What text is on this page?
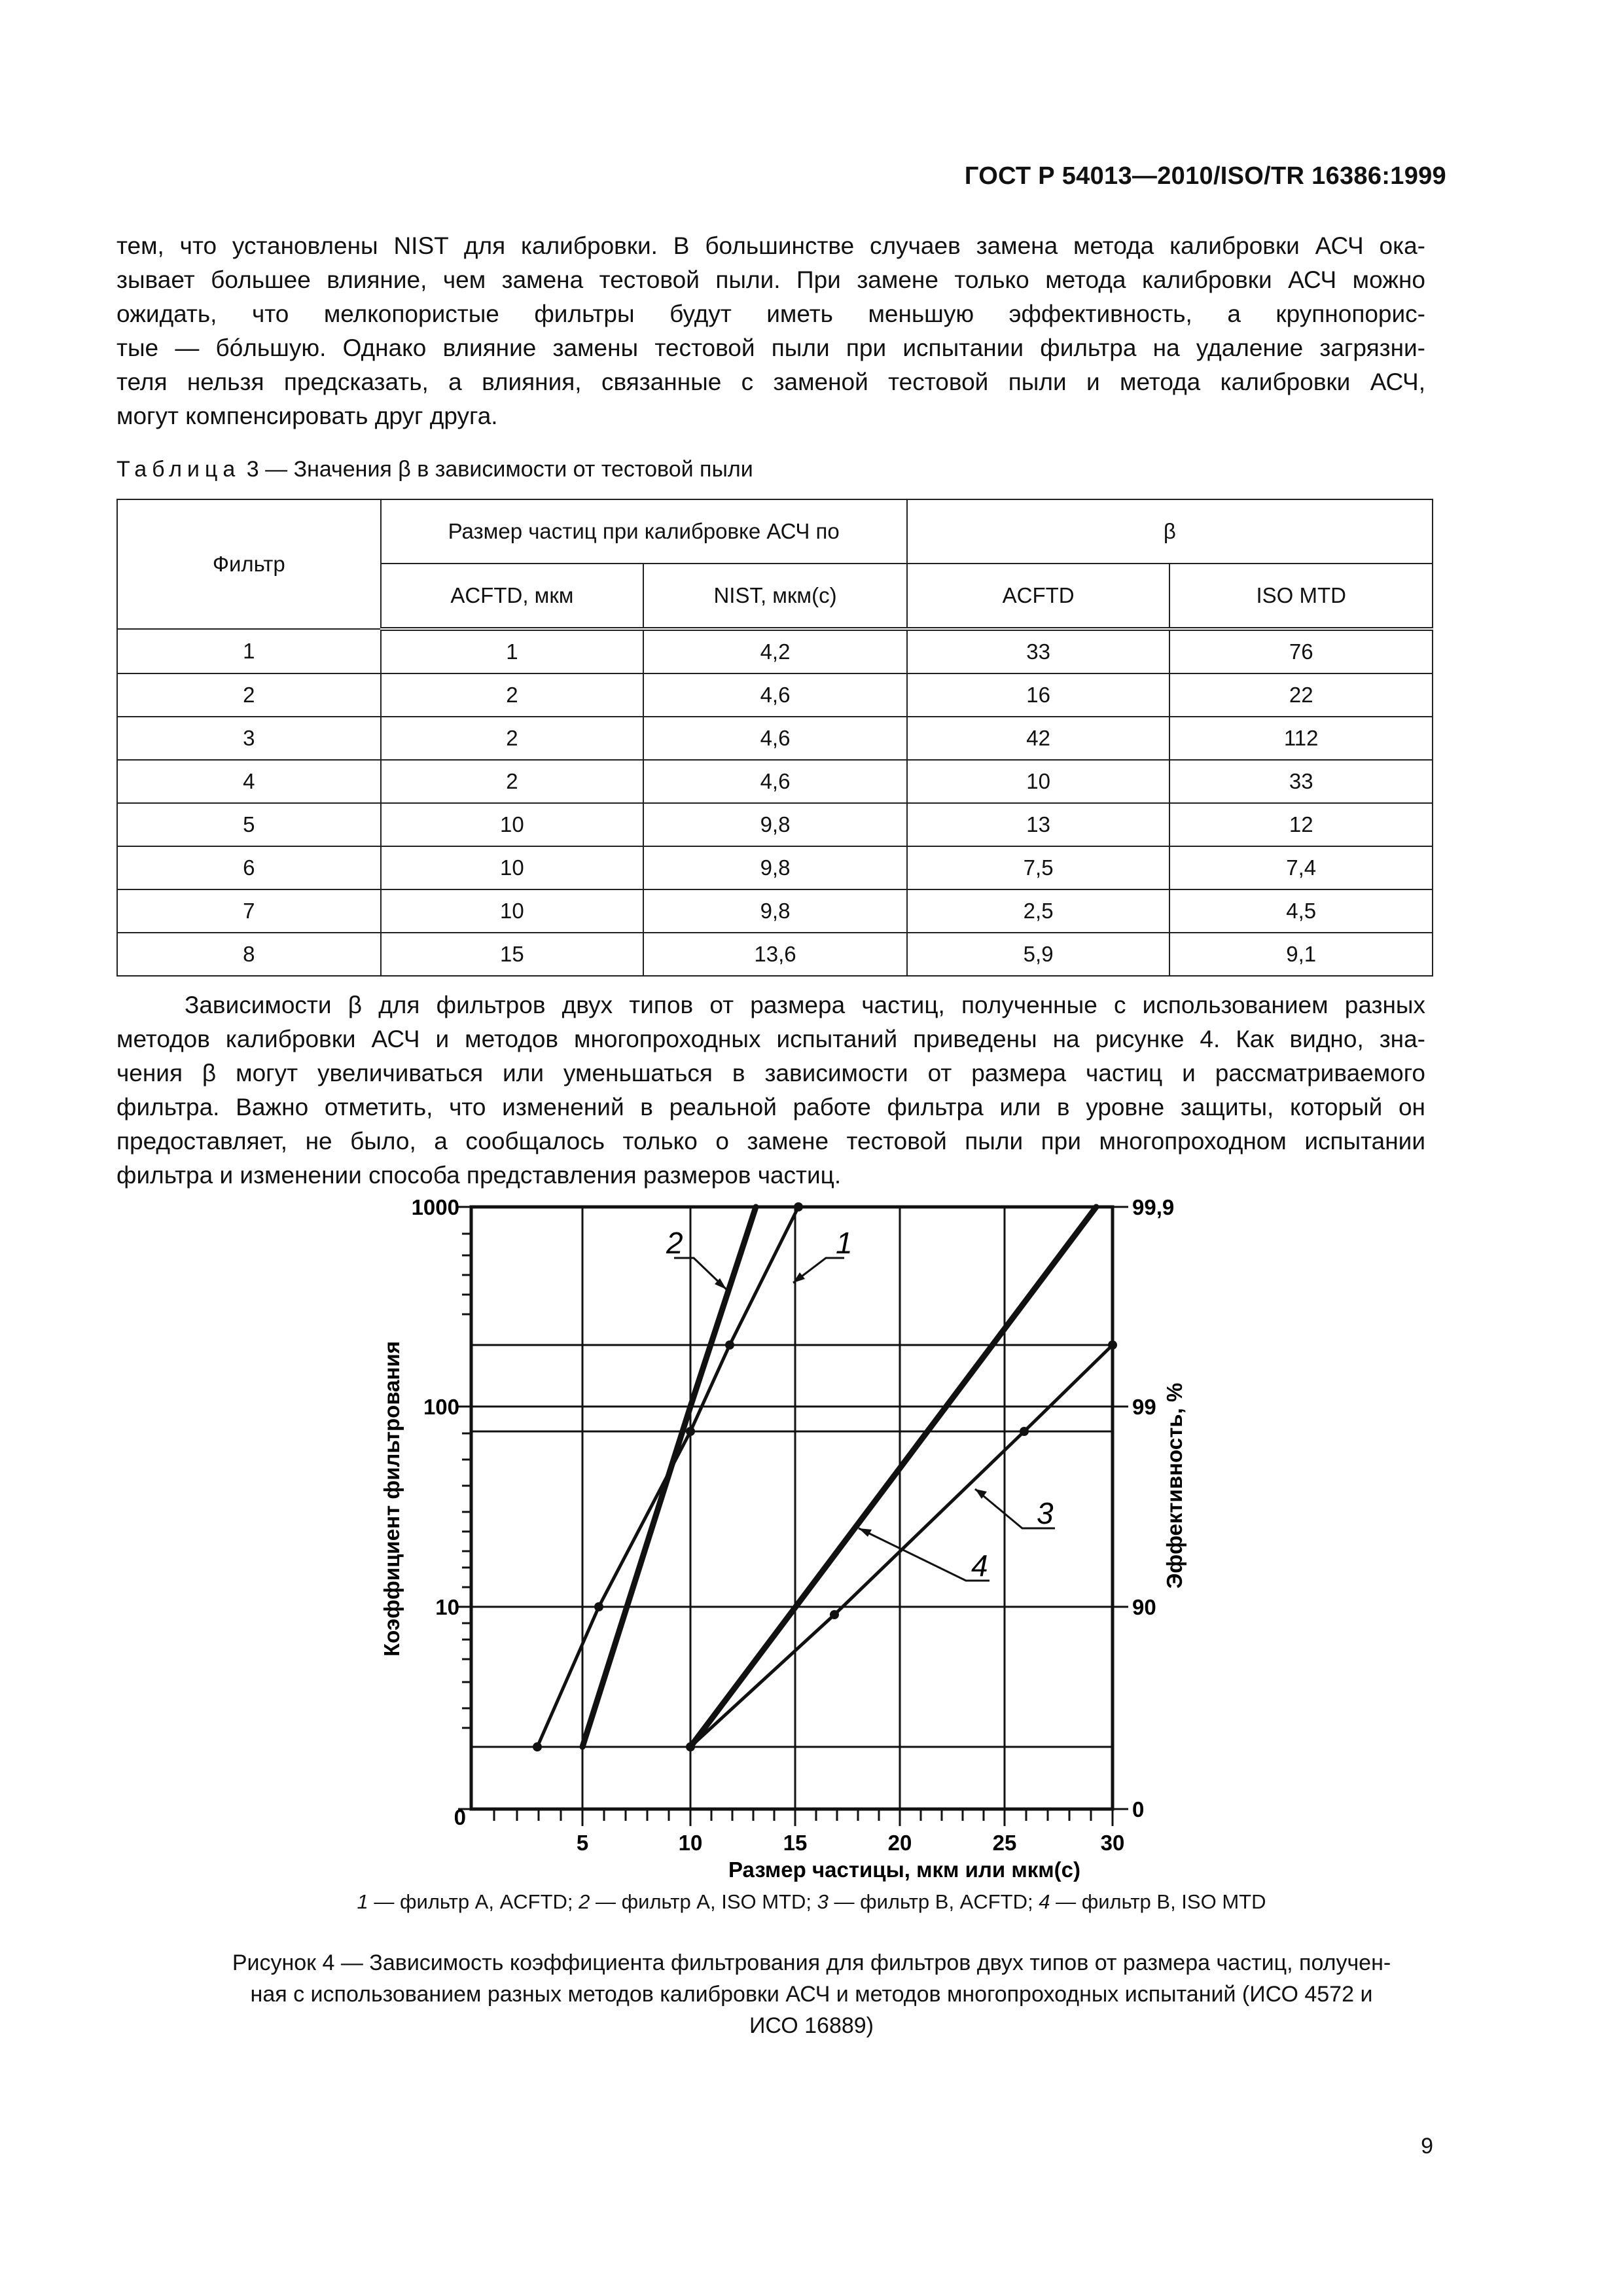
ГОСТ Р 54013—2010/ISO/TR 16386:1999
тем, что установлены NIST для калибровки. В большинстве случаев замена метода калибровки АСЧ ока-
зывает большее влияние, чем замена тестовой пыли. При замене только метода калибровки АСЧ можно
ожидать, что мелкопористые фильтры будут иметь меньшую эффективность, а крупнопорис-
тые — бóльшую. Однако влияние замены тестовой пыли при испытании фильтра на удаление загрязни-
теля нельзя предсказать, а влияния, связанные с заменой тестовой пыли и метода калибровки АСЧ,
могут компенсировать друг друга.
Таблица 3 — Значения β в зависимости от тестовой пыли
Фильтр	Размер частиц при калибровке АСЧ по		β	
	ACFTD, мкм	NIST, мкм(c)	ACFTD	ISO MTD
1	1	4,2	33	76
2	2	4,6	16	22
3	2	4,6	42	112
4	2	4,6	10	33
5	10	9,8	13	12
6	10	9,8	7,5	7,4
7	10	9,8	2,5	4,5
8	15	13,6	5,9	9,1
Зависимости β для фильтров двух типов от размера частиц, полученные с использованием разных
методов калибровки АСЧ и методов многопроходных испытаний приведены на рисунке 4. Как видно, зна-
чения β могут увеличиваться или уменьшаться в зависимости от размера частиц и рассматриваемого
фильтра. Важно отметить, что изменений в реальной работе фильтра или в уровне защиты, который он
предоставляет, не было, а сообщалось только о замене тестовой пыли при многопроходном испытании
фильтра и изменении способа представления размеров частиц.
2	1
3
4
1000
100
10
0
99,9
99
90
0
5	10	15	20	25	30
Размер частицы, мкм или мкм(c)
Коэффициент фильтрования	Эффективность, %
1 — фильтр А, ACFTD; 2 — фильтр А, ISO MTD; 3 — фильтр В, ACFTD; 4 — фильтр В, ISO MTD
Рисунок 4 — Зависимость коэффициента фильтрования для фильтров двух типов от размера частиц, получен-
ная с использованием разных методов калибровки АСЧ и методов многопроходных испытаний (ИСО 4572 и
ИСО 16889)
9
